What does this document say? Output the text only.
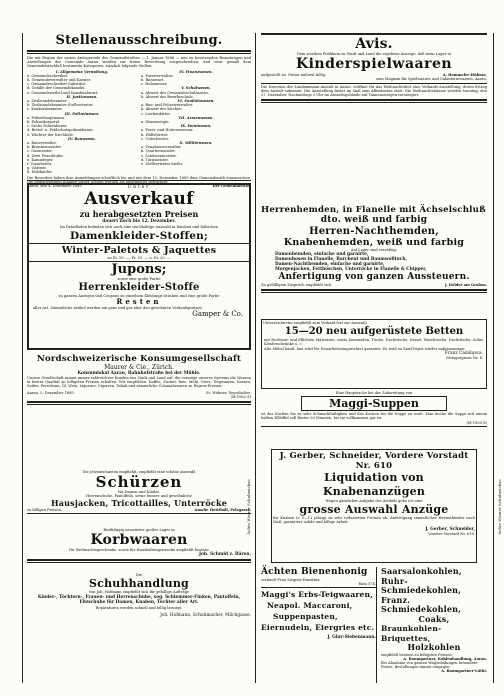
Stellenausschreibung.
Die mit Beginn der neuen Amtsperiode des Gemeinderathes — 1. Januar 1886 — neu zu besetzenden Beamtungen und Anstellungen der Gemeinde Aarau werden zur freien Bewerbung ausgeschrieben, und zwar gemäß dem Gemeindebeschluß bestimmte Kategorien, nämlich folgende Stellen:
I. Allgemeine Verwaltung.
a. Gemeindeschreiber.
b. Gemeindeverwalter und Kassier.
c. Gemeindeschreiber-Substitut.
d. Gehilfe der Gemeindekanzlei.
e. Gemeindeweibel und Kanzleiabwart.
II. Justizwesen.
a. Zivilstandsbeamter.
b. Zivilstandsbeamter-Stellvertreter.
c. Konkursbeamter.
III. Polizeiwesen.
a. Polizeihauptmann.
b. Polizeikorporal.
c. Sechs Polizeidiener.
d. Bettel- u. Feldschutzpolizeidiener.
e. Wächter der Kirchhöfe.
IV. Bauwesen.
a. Bauverwalter.
b. Brunnenmeister.
c. Gasmeister.
d. Zwei Feuerläufer.
e. Kaminfeger.
f. Vorarbeiter.
g. Gärtner.
h. Holzkäufer.
IV. Finanzwesen.
a. Forstverwalter.
b. Bannwart.
c. Holzmesser.
V. Schulwesen.
a. Abwart des Gemeindeschulhauses.
b. Abwart der Bezirksschule.
VI. Sanitätswesen.
a. Bau- und Polizeiverwalter.
b. Abwart der Kirchen.
c. Leichenbitter.
VII. Armenwesen.
a. Waisenvögte.
IX. Forstwesen.
a. Forst- und Holzvermesser.
b. Hülfsförster.
c. Unterförster.
X. Militärwesen.
a. Zeughausverwalter.
b. Quartiermeister.
c. Schützenmeister.
d. Turnmeister.
e. Stellvertreter hiefür.
Die Bewerber haben ihre Anmeldungen schriftlich bis und mit dem 15. Dezember 1885 dem Gemeinderath einzureichen. Die gegenwärtigen Inhaber dieser Stellen werden als angemeldet betrachtet.
Aarau, den 4. Dezember 1885.	Der Gemeinderath.
Unter
Ausverkauf
zu herabgesetzten Preisen
dauert noch bis 12. Dezember.
Im Detailladen befinden sich noch eine reichhaltige Auswahl in feinsten und hübschen
Damenkleider-Stoffen;
Winter-Paletots & Jaquettes
zu Fr. 10. —, Fr. 15. — u. Fr. 20. —
Jupons;
sowie eine große Partie
Herrenkleider-Stoffe
zu ganzen Anzügen und Coupons zu einzelnen Kleidungs-Stücken und eine große Partie
Resten
aller Art. Sämmtliche Artikel werden um ganz und gar aber den gewohnten Verkaufspreisen.
Gamper & Co.
Nordschweizerische Konsumgesellschaft
Maurer & Cie., Zürich.
Konsumlokal Aarau, Bahnhofstraße bei der Mühle.
Unsere Gesellschaft nimmt immer zahlreichere Kunden aus Stadt und Land auf, die vermöge unseres Systems die Waaren in bester Qualität zu billigsten Preisen erhalten. Wir empfehlen: Kaffee, Zucker, Reis, Mehl, Gries, Teigwaaren, Kerzen, Seifen, Petroleum, Öl, Wein, Liqueurs, Cigarren, Tabak und sämmtliche Colonialwaaren zu Engros-Preisen.
Aarau, 5. Dezember 1885.	St. Widmer, Depothalter.
(M-1062-Z)
Die Jetztzeichneten empfiehlt, empfiehlt eine schöne Auswahl
Schürzen
für Damen und Kinder,
Herrenschuhe, Pantoffeln, sowie feinere und gewöhnliche
Hausjacken, Tricottailles, Unterröcke
zu billigen Preisen.	Amalie Hottiball, Pelzgasse.
Bestklingig assortirtes großes Lager in
Korbwaaren
für Weihnachtsgeschenke, sowie für Haushaltungszwecke empfiehlt bestens
Joh. Schmid z. Bären.
Die
Schuhhandlung
von Joh. Hofmann empfiehlt sich für gefällige Aufträge
Kinder-, Töchtern-, Frauen- und Herrenschuhe, sog. Schlemmer-Finken, Pantoffeln, Filzschuhe für Damen, Knaben, Töchter aller Art.
Reparaturen werden schnell und billig besorgt.
Joh. Hofmann, Schuhmacher, Milchgasse.
Avis.
Dem werthen Publikum zu Stadt und Land die ergebene Anzeige, daß mein Lager in
Kinderspielwaaren
aufgestellt ist. Preise äußerst billig.	A. Hemmeler-Hübner,
zum Magazin für Spielwaaren und Galanteriewaaren, Aarau.
Die Direction der Landammann-Anstalt in Aarau, eröffnet für das Weihnachtsfest eine Verkaufs-Ausstellung, deren Ertrag dem Anstalt zukommt. Die Ausstellung findet im Saal zum Affenkasten statt. Die Weihnachtsbäume werden Sonntag, den 27. Dezember, Nachmittags 3 Uhr im Anstaltsgebäude auf Tannenzweigen versteigert.
Herrenhemden, in Flanelle mit Ächselschluß
dto. weiß und farbig
Herren-Nachthemden,
Knabenhemden, weiß und farbig
Auf Lager sind vorräthig:
Damenhemden, einfache und garnirte,
Damenhosen in Flanelle, Barchent und Baumwolltuch,
Damen-Nachthemden, einfache und garnirte,
Morgenjacken, Fetthöschen, Unterröcke in Flanelle & Chipper,
Anfertigung von ganzen Aussteuern.
Zu gefälligem Zuspruch empfiehlt sich	J. Dolder am Graben.
Unterzeichneter empfiehlt zum Verkauf fort zur Auswahl
15—20 neu aufgerüstete Betten
mit Rosthaar- und Pflichten Matratzen, sowie Kommoden, Tische, Nachttische, Sessel, Waschtische, Nachttische, Sofas, Kleiderschränke u. c.
Alte Möbel kauft, bau wird für Neuarbeitseingerichtet garantirt. Es wird zu Kauf-Depot wieder aufgenommen.
Franz Camilusca,
Metzgergasse Nr. 4.
Eine Hauptsache bei der Zubereitung von
Maggi-Suppen
ist das Kochen bis zu sehr Schmackhaftigkeit und das Kochen bis die Suppe zu weiß. Man koche die Suppe mit einem halben Eßlöffel voll Butter 20 Minuten, bis sie vollkommen gar ist.
(M-1900-Z)
Ächte Wiener Schuhwichse	Ächte Wiener Schuhwichse
J. Gerber, Schneider, Vordere Vorstadt Nr. 610
Liquidation von Knabenanzügen
Wegen gänzlicher Aufgabe des Artikels gebe ich eine
grosse Auswahl Anzüge
für Knaben (v. 5—12 jährig) zu sehr reduzierten Preisen ab. Anfertigung sämmtlicher Herrenkleider nach Maß, garantiere solide und billige Arbeit.
J. Gerber, Schneider,
Vordere Vorstadt Nr. 610.
Ächten Bienenhonig
verkauft Frau Siegrist-Hunziker,
Rain 574.
Maggi's Erbs-Teigwaaren,
Neapol. Maccaroni,
Suppenpasten,
Eiernudeln, Eiergries etc.
J. Glur-Siebenmann.
Saarsalonkohlen,
Ruhr-Schmiedekohlen,
Franz. Schmiedekohlen,
Coaks,
Braunkohlen-Briquettes,
Holzkohlen
empfiehlt bestens zu billigsten Preisen
A. Baumgartner, Kohlenhandlung, Aarau.
Bei Abnahme von ganzen Wagenladungen besondere Preise. Bestellungen nimmt entgegen
A. Baumgartner-Lüthi.
